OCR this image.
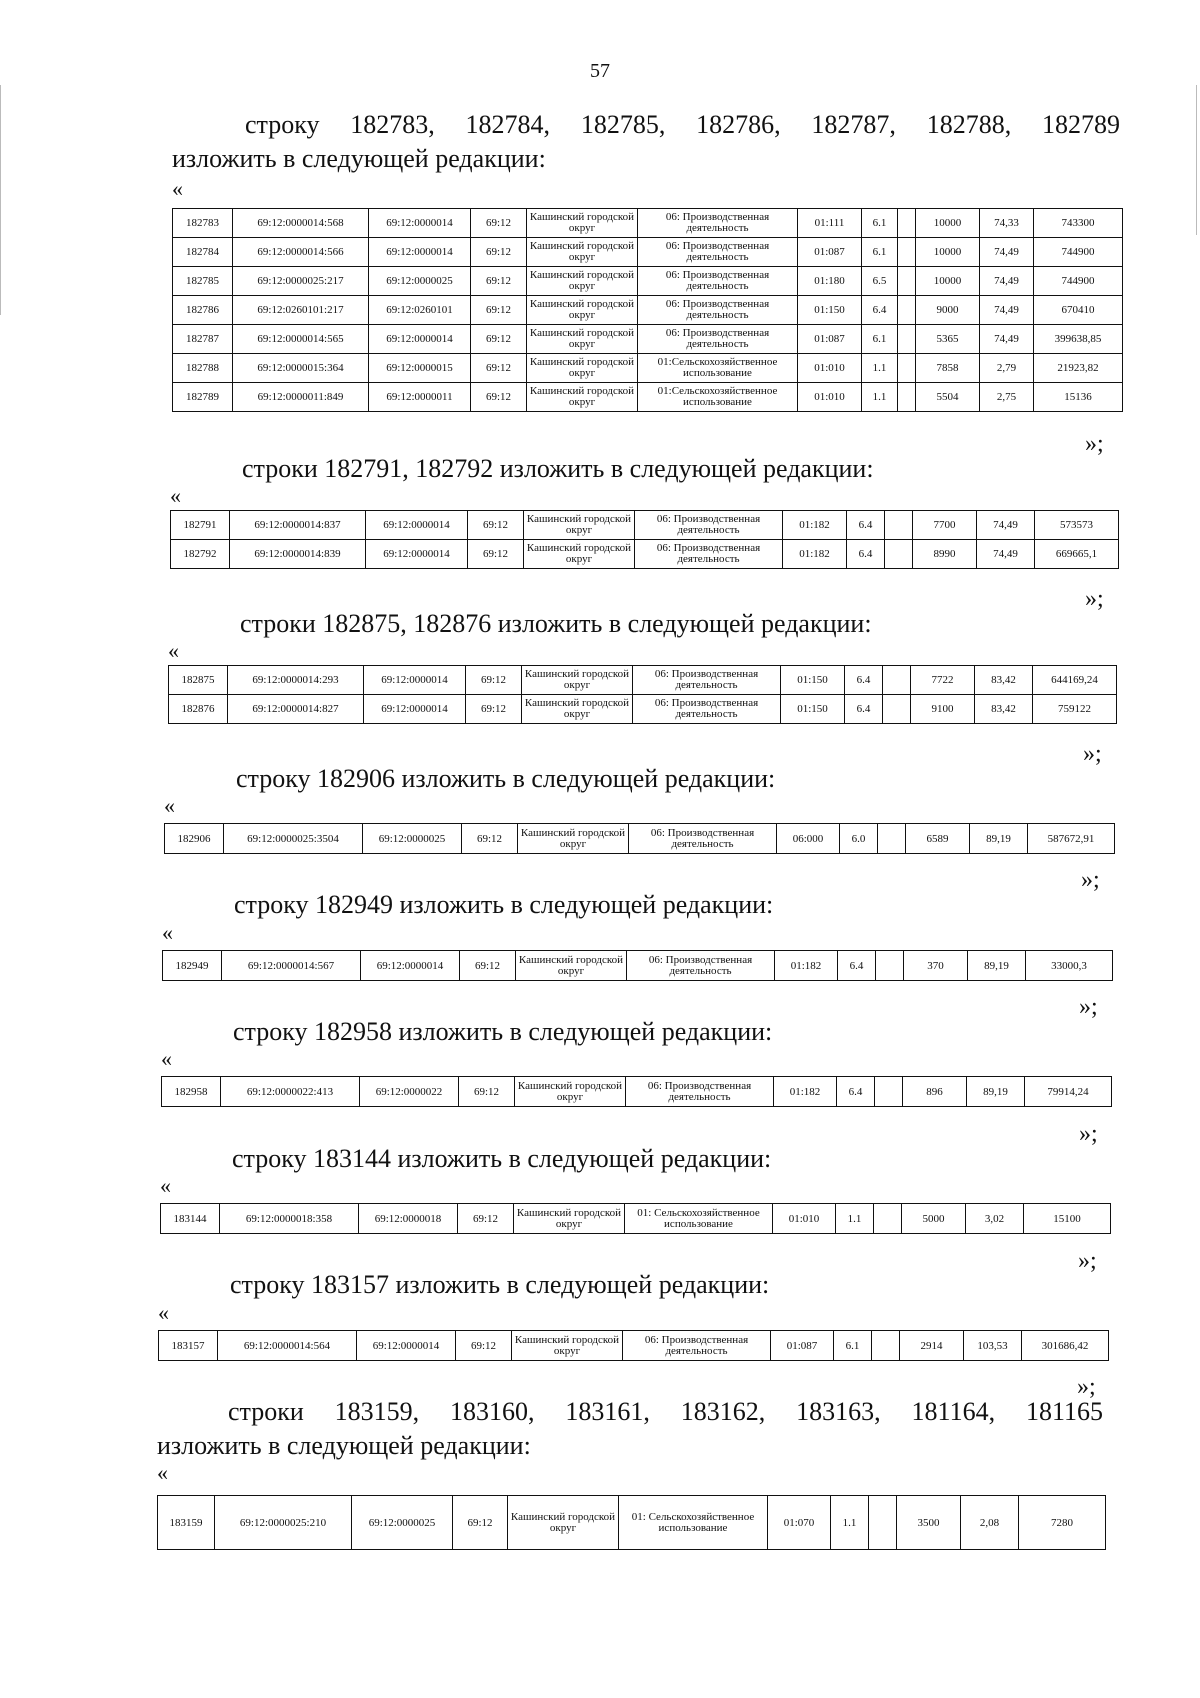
57
строку 182783, 182784, 182785, 182786, 182787, 182788, 182789
изложить в следующей редакции:
«
182783	69:12:0000014:568	69:12:0000014	69:12	Кашинский городской округ	06: Производственная деятельность	01:111	6.1		10000	74,33	743300
182784	69:12:0000014:566	69:12:0000014	69:12	Кашинский городской округ	06: Производственная деятельность	01:087	6.1		10000	74,49	744900
182785	69:12:0000025:217	69:12:0000025	69:12	Кашинский городской округ	06: Производственная деятельность	01:180	6.5		10000	74,49	744900
182786	69:12:0260101:217	69:12:0260101	69:12	Кашинский городской округ	06: Производственная деятельность	01:150	6.4		9000	74,49	670410
182787	69:12:0000014:565	69:12:0000014	69:12	Кашинский городской округ	06: Производственная деятельность	01:087	6.1		5365	74,49	399638,85
182788	69:12:0000015:364	69:12:0000015	69:12	Кашинский городской округ	01:Сельскохозяйственное использование	01:010	1.1		7858	2,79	21923,82
182789	69:12:0000011:849	69:12:0000011	69:12	Кашинский городской округ	01:Сельскохозяйственное использование	01:010	1.1		5504	2,75	15136
»;
строки 182791, 182792 изложить в следующей редакции:
«
182791	69:12:0000014:837	69:12:0000014	69:12	Кашинский городской округ	06: Производственная деятельность	01:182	6.4		7700	74,49	573573
182792	69:12:0000014:839	69:12:0000014	69:12	Кашинский городской округ	06: Производственная деятельность	01:182	6.4		8990	74,49	669665,1
»;
строки 182875, 182876 изложить в следующей редакции:
«
182875	69:12:0000014:293	69:12:0000014	69:12	Кашинский городской округ	06: Производственная деятельность	01:150	6.4		7722	83,42	644169,24
182876	69:12:0000014:827	69:12:0000014	69:12	Кашинский городской округ	06: Производственная деятельность	01:150	6.4		9100	83,42	759122
»;
строку 182906 изложить в следующей редакции:
«
182906	69:12:0000025:3504	69:12:0000025	69:12	Кашинский городской округ	06: Производственная деятельность	06:000	6.0		6589	89,19	587672,91
»;
строку 182949 изложить в следующей редакции:
«
182949	69:12:0000014:567	69:12:0000014	69:12	Кашинский городской округ	06: Производственная деятельность	01:182	6.4		370	89,19	33000,3
»;
строку 182958 изложить в следующей редакции:
«
182958	69:12:0000022:413	69:12:0000022	69:12	Кашинский городской округ	06: Производственная деятельность	01:182	6.4		896	89,19	79914,24
»;
строку 183144 изложить в следующей редакции:
«
183144	69:12:0000018:358	69:12:0000018	69:12	Кашинский городской округ	01: Сельскохозяйственное использование	01:010	1.1		5000	3,02	15100
»;
строку 183157 изложить в следующей редакции:
«
183157	69:12:0000014:564	69:12:0000014	69:12	Кашинский городской округ	06: Производственная деятельность	01:087	6.1		2914	103,53	301686,42
»;
строки 183159, 183160, 183161, 183162, 183163, 181164, 181165
изложить в следующей редакции:
«
183159	69:12:0000025:210	69:12:0000025	69:12	Кашинский городской округ	01: Сельскохозяйственное использование	01:070	1.1		3500	2,08	7280
